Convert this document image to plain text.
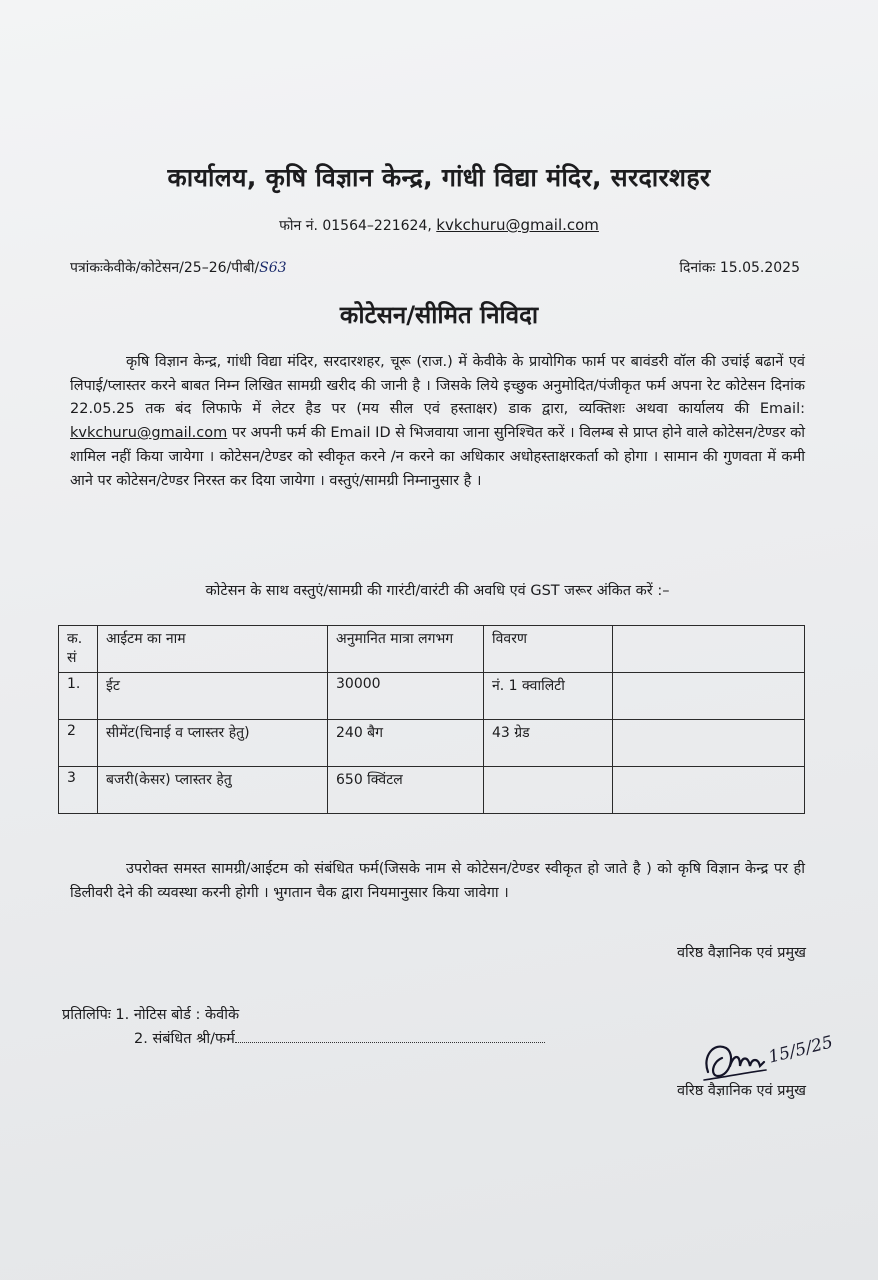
कार्यालय, कृषि विज्ञान केन्द्र, गांधी विद्या मंदिर, सरदारशहर
फोन नं. 01564–221624, kvkchuru@gmail.com
पत्रांकःकेवीके/कोटेसन/25–26/पीबी/S63	दिनांकः 15.05.2025
कोटेसन/सीमित निविदा
कृषि विज्ञान केन्द्र, गांधी विद्या मंदिर, सरदारशहर, चूरू (राज.) में केवीके के प्रायोगिक फार्म पर बावंडरी वॉल की उचांई बढानें एवं लिपाई/प्लास्तर करने बाबत निम्न लिखित सामग्री खरीद की जानी है । जिसके लिये इच्छुक अनुमोदित/पंजीकृत फर्म अपना रेट कोटेसन दिनांक 22.05.25 तक बंद लिफाफे में लेटर हैड पर (मय सील एवं हस्ताक्षर) डाक द्वारा, व्यक्तिशः अथवा कार्यालय की Email: kvkchuru@gmail.com पर अपनी फर्म की Email ID से भिजवाया जाना सुनिश्चित करें । विलम्ब से प्राप्त होने वाले कोटेसन/टेण्डर को शामिल नहीं किया जायेगा । कोटेसन/टेण्डर को स्वीकृत करने /न करने का अधिकार अधोहस्ताक्षरकर्ता को होगा । सामान की गुणवता में कमी आने पर कोटेसन/टेण्डर निरस्त कर दिया जायेगा । वस्तुएं/सामग्री निम्नानुसार है ।
कोटेसन के साथ वस्तुएं/सामग्री की गारंटी/वारंटी की अवधि एवं GST जरूर अंकित करें :–
क. सं	आईटम का नाम	अनुमानित मात्रा लगभग	विवरण	
1.	ईट	30000	नं. 1 क्वालिटी	
2	सीमेंट(चिनाई व प्लास्तर हेतु)	240 बैग	43 ग्रेड	
3	बजरी(केसर) प्लास्तर हेतु	650 क्विंटल		
उपरोक्त समस्त सामग्री/आईटम को संबंधित फर्म(जिसके नाम से कोटेसन/टेण्डर स्वीकृत हो जाते है ) को कृषि विज्ञान केन्द्र पर ही डिलीवरी देने की व्यवस्था करनी होगी । भुगतान चैक द्वारा नियमानुसार किया जावेगा ।
वरिष्ठ वैज्ञानिक एवं प्रमुख
प्रतिलिपिः 1. नोटिस बोर्ड : केवीके
2. संबंधित श्री/फर्म	15/5/25
वरिष्ठ वैज्ञानिक एवं प्रमुख
